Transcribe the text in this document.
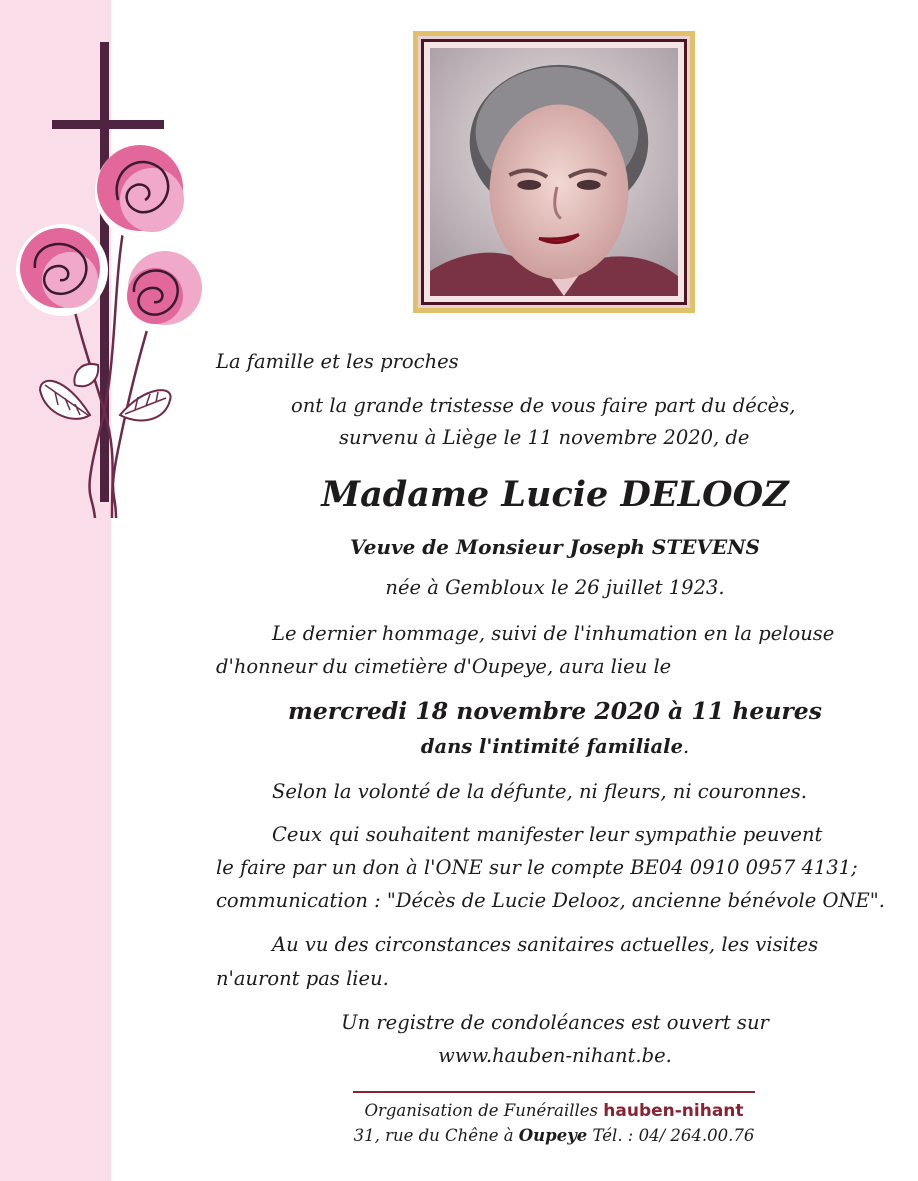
La famille et les proches

ont la grande tristesse de vous faire part du décès,

survenu à Liège le 11 novembre 2020, de

Madame Lucie DELOOZ

Veuve de Monsieur Joseph STEVENS

née à Gembloux le 26 juillet 1923.

Le dernier hommage, suivi de l'inhumation en la pelouse

d'honneur du cimetière d'Oupeye, aura lieu le

mercredi 18 novembre 2020 à 11 heures

dans l'intimité familiale.

Selon la volonté de la défunte, ni fleurs, ni couronnes.

Ceux qui souhaitent manifester leur sympathie peuvent

le faire par un don à l'ONE sur le compte BE04 0910 0957 4131;

communication : "Décès de Lucie Delooz, ancienne bénévole ONE".

Au vu des circonstances sanitaires actuelles, les visites

n'auront pas lieu.

Un registre de condoléances est ouvert sur

www.hauben-nihant.be.

Organisation de Funérailles hauben-nihant

31, rue du Chêne à Oupeye Tél. : 04/ 264.00.76
